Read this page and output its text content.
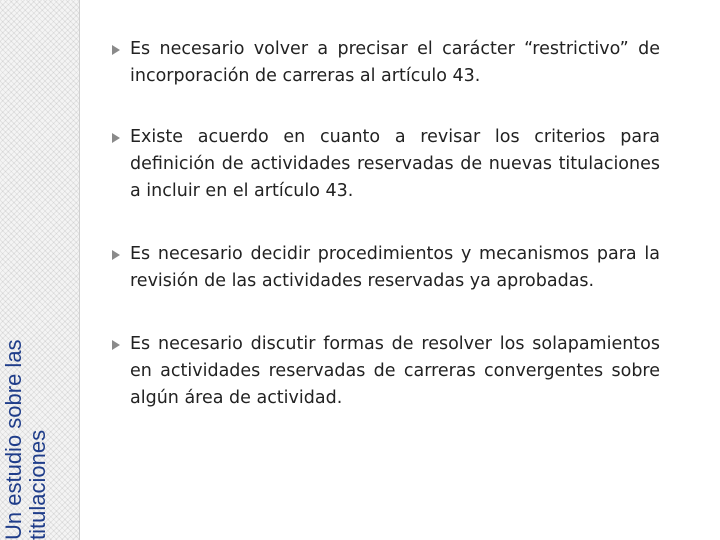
Un estudio sobre las titulaciones
Es necesario volver a precisar el carácter “restrictivo” de incorporación de carreras al artículo 43.
Existe acuerdo en cuanto a revisar los criterios para definición de actividades reservadas de nuevas titulaciones a incluir en el artículo 43.
Es necesario decidir procedimientos y mecanismos para la revisión de las actividades reservadas ya aprobadas.
Es necesario discutir formas de resolver los solapamientos en actividades reservadas de carreras convergentes sobre algún área de actividad.
